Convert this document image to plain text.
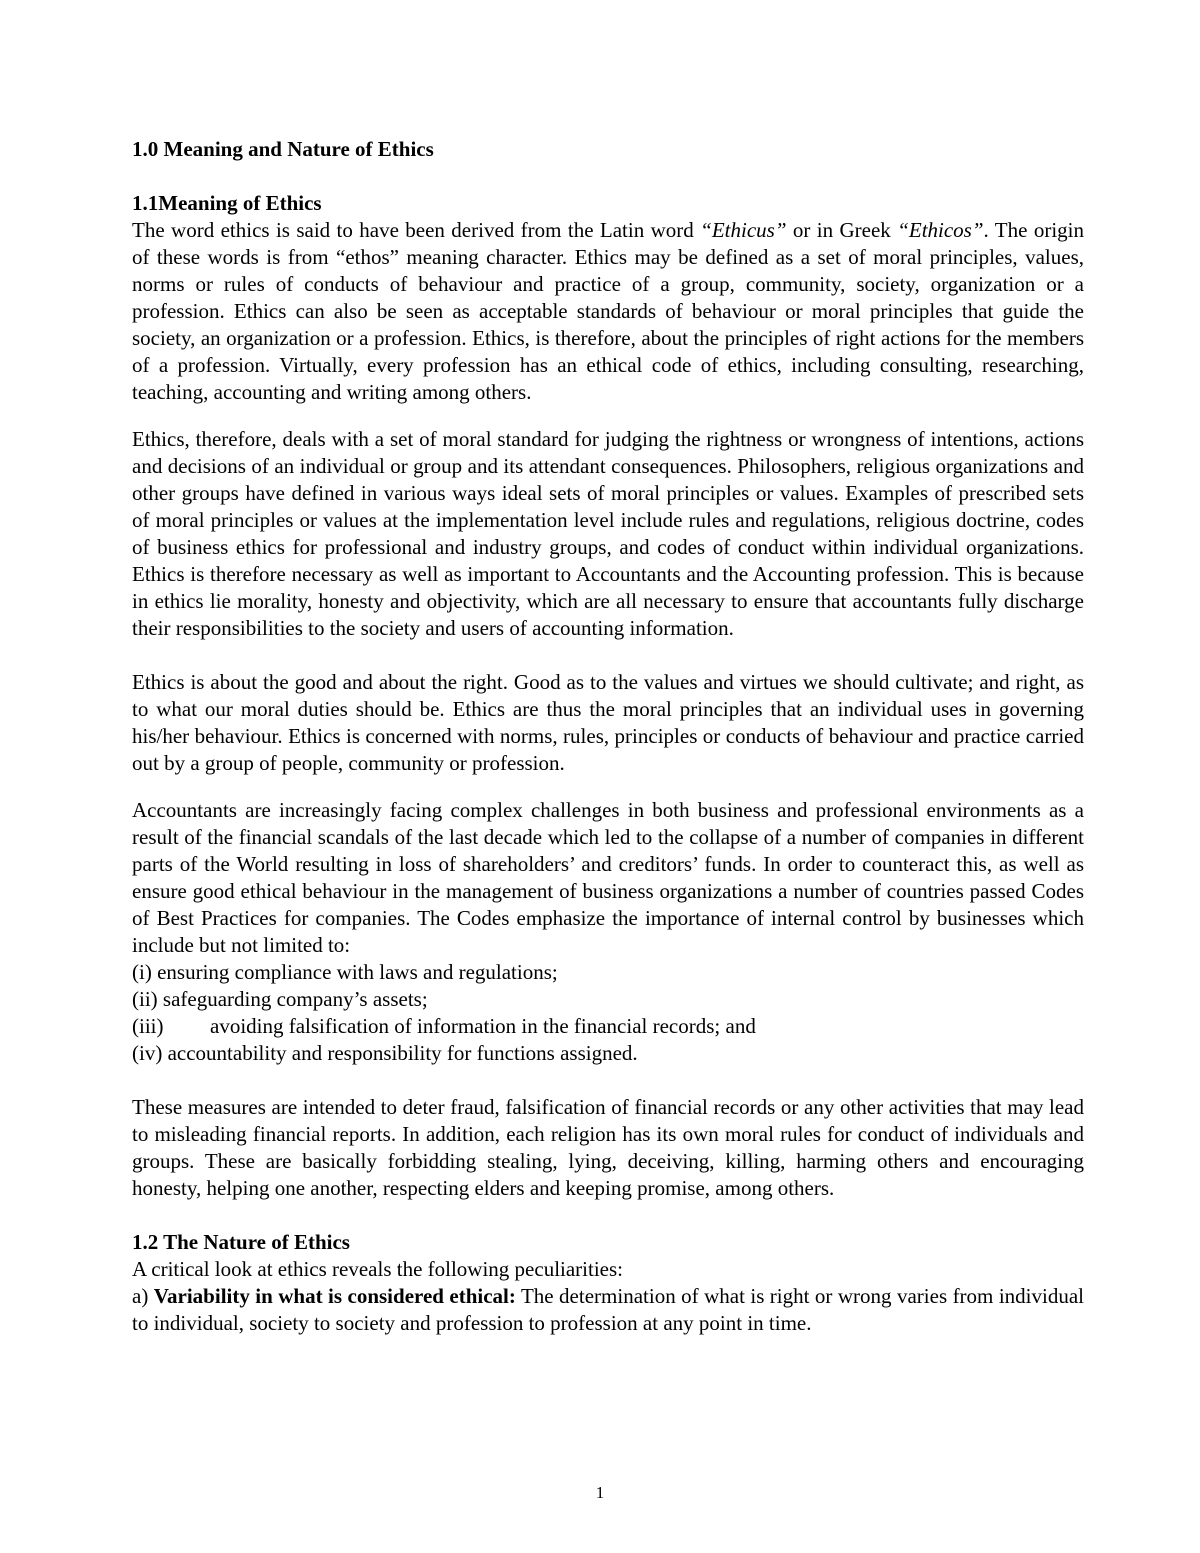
1.0 Meaning and Nature of Ethics
1.1Meaning of Ethics

The word ethics is said to have been derived from the Latin word “Ethicus” or in Greek “Ethicos”. The origin of these words is from “ethos” meaning character. Ethics may be defined as a set of moral principles, values, norms or rules of conducts of behaviour and practice of a group, community, society, organization or a profession. Ethics can also be seen as acceptable standards of behaviour or moral principles that guide the society, an organization or a profession. Ethics, is therefore, about the principles of right actions for the members of a profession. Virtually, every profession has an ethical code of ethics, including consulting, researching, teaching, accounting and writing among others.

Ethics, therefore, deals with a set of moral standard for judging the rightness or wrongness of intentions, actions and decisions of an individual or group and its attendant consequences. Philosophers, religious organizations and other groups have defined in various ways ideal sets of moral principles or values. Examples of prescribed sets of moral principles or values at the implementation level include rules and regulations, religious doctrine, codes of business ethics for professional and industry groups, and codes of conduct within individual organizations. Ethics is therefore necessary as well as important to Accountants and the Accounting profession. This is because in ethics lie morality, honesty and objectivity, which are all necessary to ensure that accountants fully discharge their responsibilities to the society and users of accounting information.

Ethics is about the good and about the right. Good as to the values and virtues we should cultivate; and right, as to what our moral duties should be. Ethics are thus the moral principles that an individual uses in governing his/her behaviour. Ethics is concerned with norms, rules, principles or conducts of behaviour and practice carried out by a group of people, community or profession.

Accountants are increasingly facing complex challenges in both business and professional environments as a result of the financial scandals of the last decade which led to the collapse of a number of companies in different parts of the World resulting in loss of shareholders’ and creditors’ funds. In order to counteract this, as well as ensure good ethical behaviour in the management of business organizations a number of countries passed Codes of Best Practices for companies. The Codes emphasize the importance of internal control by businesses which include but not limited to:

(i) ensuring compliance with laws and regulations;
(ii) safeguarding company’s assets;
(iii) avoiding falsification of information in the financial records; and
(iv) accountability and responsibility for functions assigned.

These measures are intended to deter fraud, falsification of financial records or any other activities that may lead to misleading financial reports. In addition, each religion has its own moral rules for conduct of individuals and groups. These are basically forbidding stealing, lying, deceiving, killing, harming others and encouraging honesty, helping one another, respecting elders and keeping promise, among others.

1.2 The Nature of Ethics

A critical look at ethics reveals the following peculiarities:

a) Variability in what is considered ethical: The determination of what is right or wrong varies from individual to individual, society to society and profession to profession at any point in time.

1
